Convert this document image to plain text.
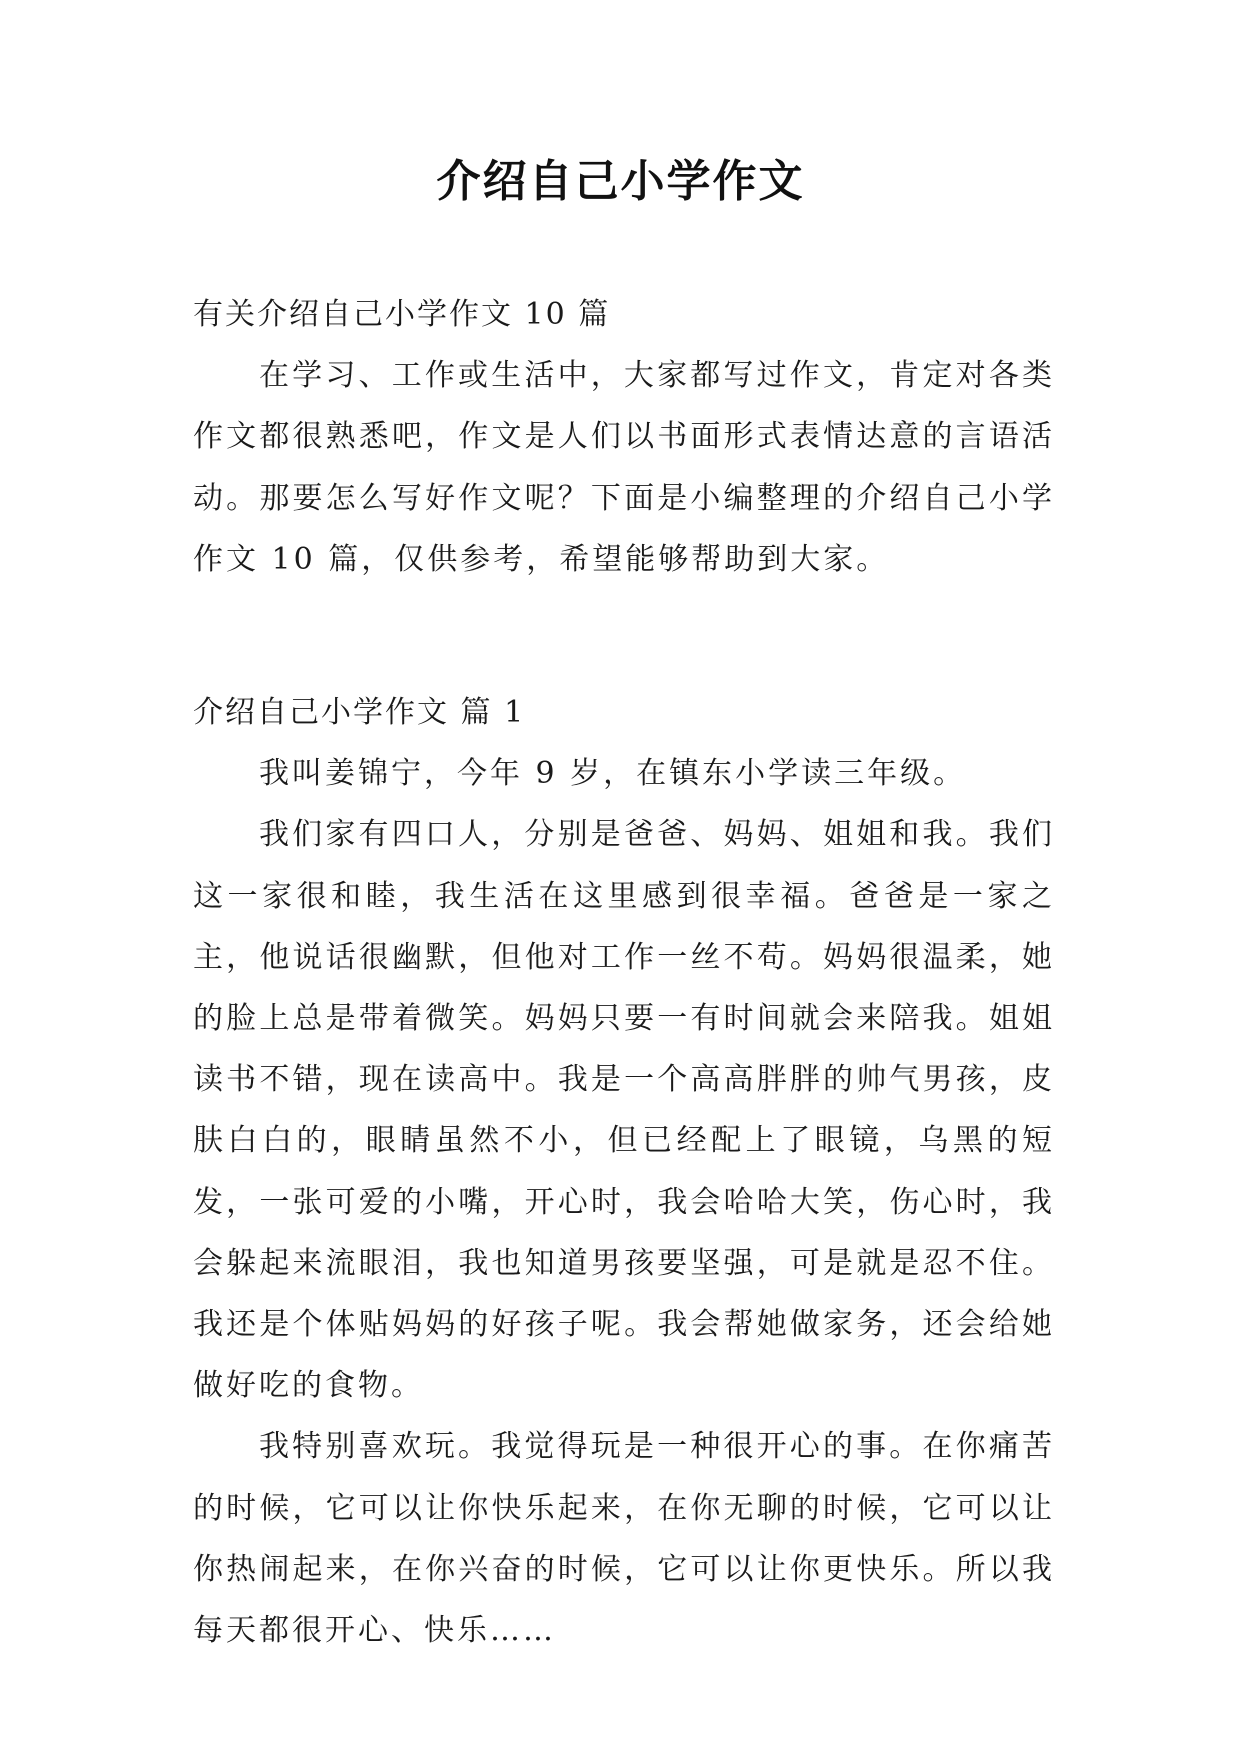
介绍自己小学作文

有关介绍自己小学作文 10 篇

在学习、工作或生活中，大家都写过作文，肯定对各类作文都很熟悉吧，作文是人们以书面形式表情达意的言语活动。那要怎么写好作文呢？下面是小编整理的介绍自己小学作文 10 篇，仅供参考，希望能够帮助到大家。

介绍自己小学作文 篇 1

我叫姜锦宁，今年 9 岁，在镇东小学读三年级。

我们家有四口人，分别是爸爸、妈妈、姐姐和我。我们这一家很和睦，我生活在这里感到很幸福。爸爸是一家之主，他说话很幽默，但他对工作一丝不苟。妈妈很温柔，她的脸上总是带着微笑。妈妈只要一有时间就会来陪我。姐姐读书不错，现在读高中。我是一个高高胖胖的帅气男孩，皮肤白白的，眼睛虽然不小，但已经配上了眼镜，乌黑的短发，一张可爱的小嘴，开心时，我会哈哈大笑，伤心时，我会躲起来流眼泪，我也知道男孩要坚强，可是就是忍不住。我还是个体贴妈妈的好孩子呢。我会帮她做家务，还会给她做好吃的食物。

我特别喜欢玩。我觉得玩是一种很开心的事。在你痛苦的时候，它可以让你快乐起来，在你无聊的时候，它可以让你热闹起来，在你兴奋的时候，它可以让你更快乐。所以我每天都很开心、快乐……
